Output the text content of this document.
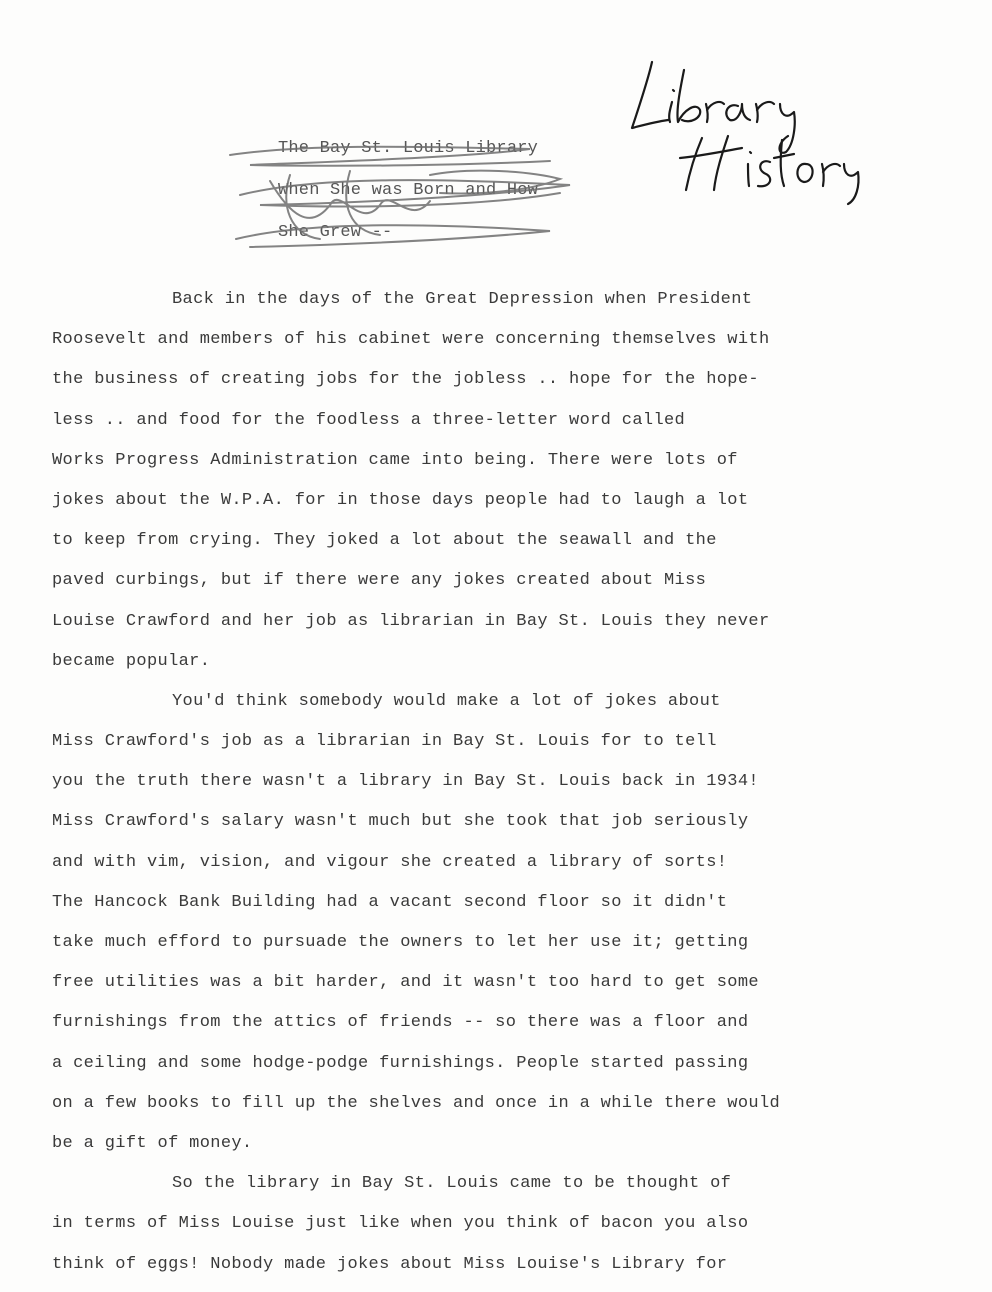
The Bay St. Louis Library
When She was Born and How
She Grew --
Back in the days of the Great Depression when President
Roosevelt and members of his cabinet were concerning themselves with
the business of creating jobs for the jobless .. hope for the hope-
less .. and food for the foodless a three-letter word called
Works Progress Administration came into being. There were lots of
jokes about the W.P.A. for in those days people had to laugh a lot
to keep from crying. They joked a lot about the seawall and the
paved curbings, but if there were any jokes created about Miss
Louise Crawford and her job as librarian in Bay St. Louis they never
became popular.
You'd think somebody would make a lot of jokes about
Miss Crawford's job as a librarian in Bay St. Louis for to tell
you the truth there wasn't a library in Bay St. Louis back in 1934!
Miss Crawford's salary wasn't much but she took that job seriously
and with vim, vision, and vigour she created a library of sorts!
The Hancock Bank Building had a vacant second floor so it didn't
take much efford to pursuade the owners to let her use it; getting
free utilities was a bit harder, and it wasn't too hard to get some
furnishings from the attics of friends -- so there was a floor and
a ceiling and some hodge-podge furnishings. People started passing
on a few books to fill up the shelves and once in a while there would
be a gift of money.
So the library in Bay St. Louis came to be thought of
in terms of Miss Louise just like when you think of bacon you also
think of eggs! Nobody made jokes about Miss Louise's Library for
